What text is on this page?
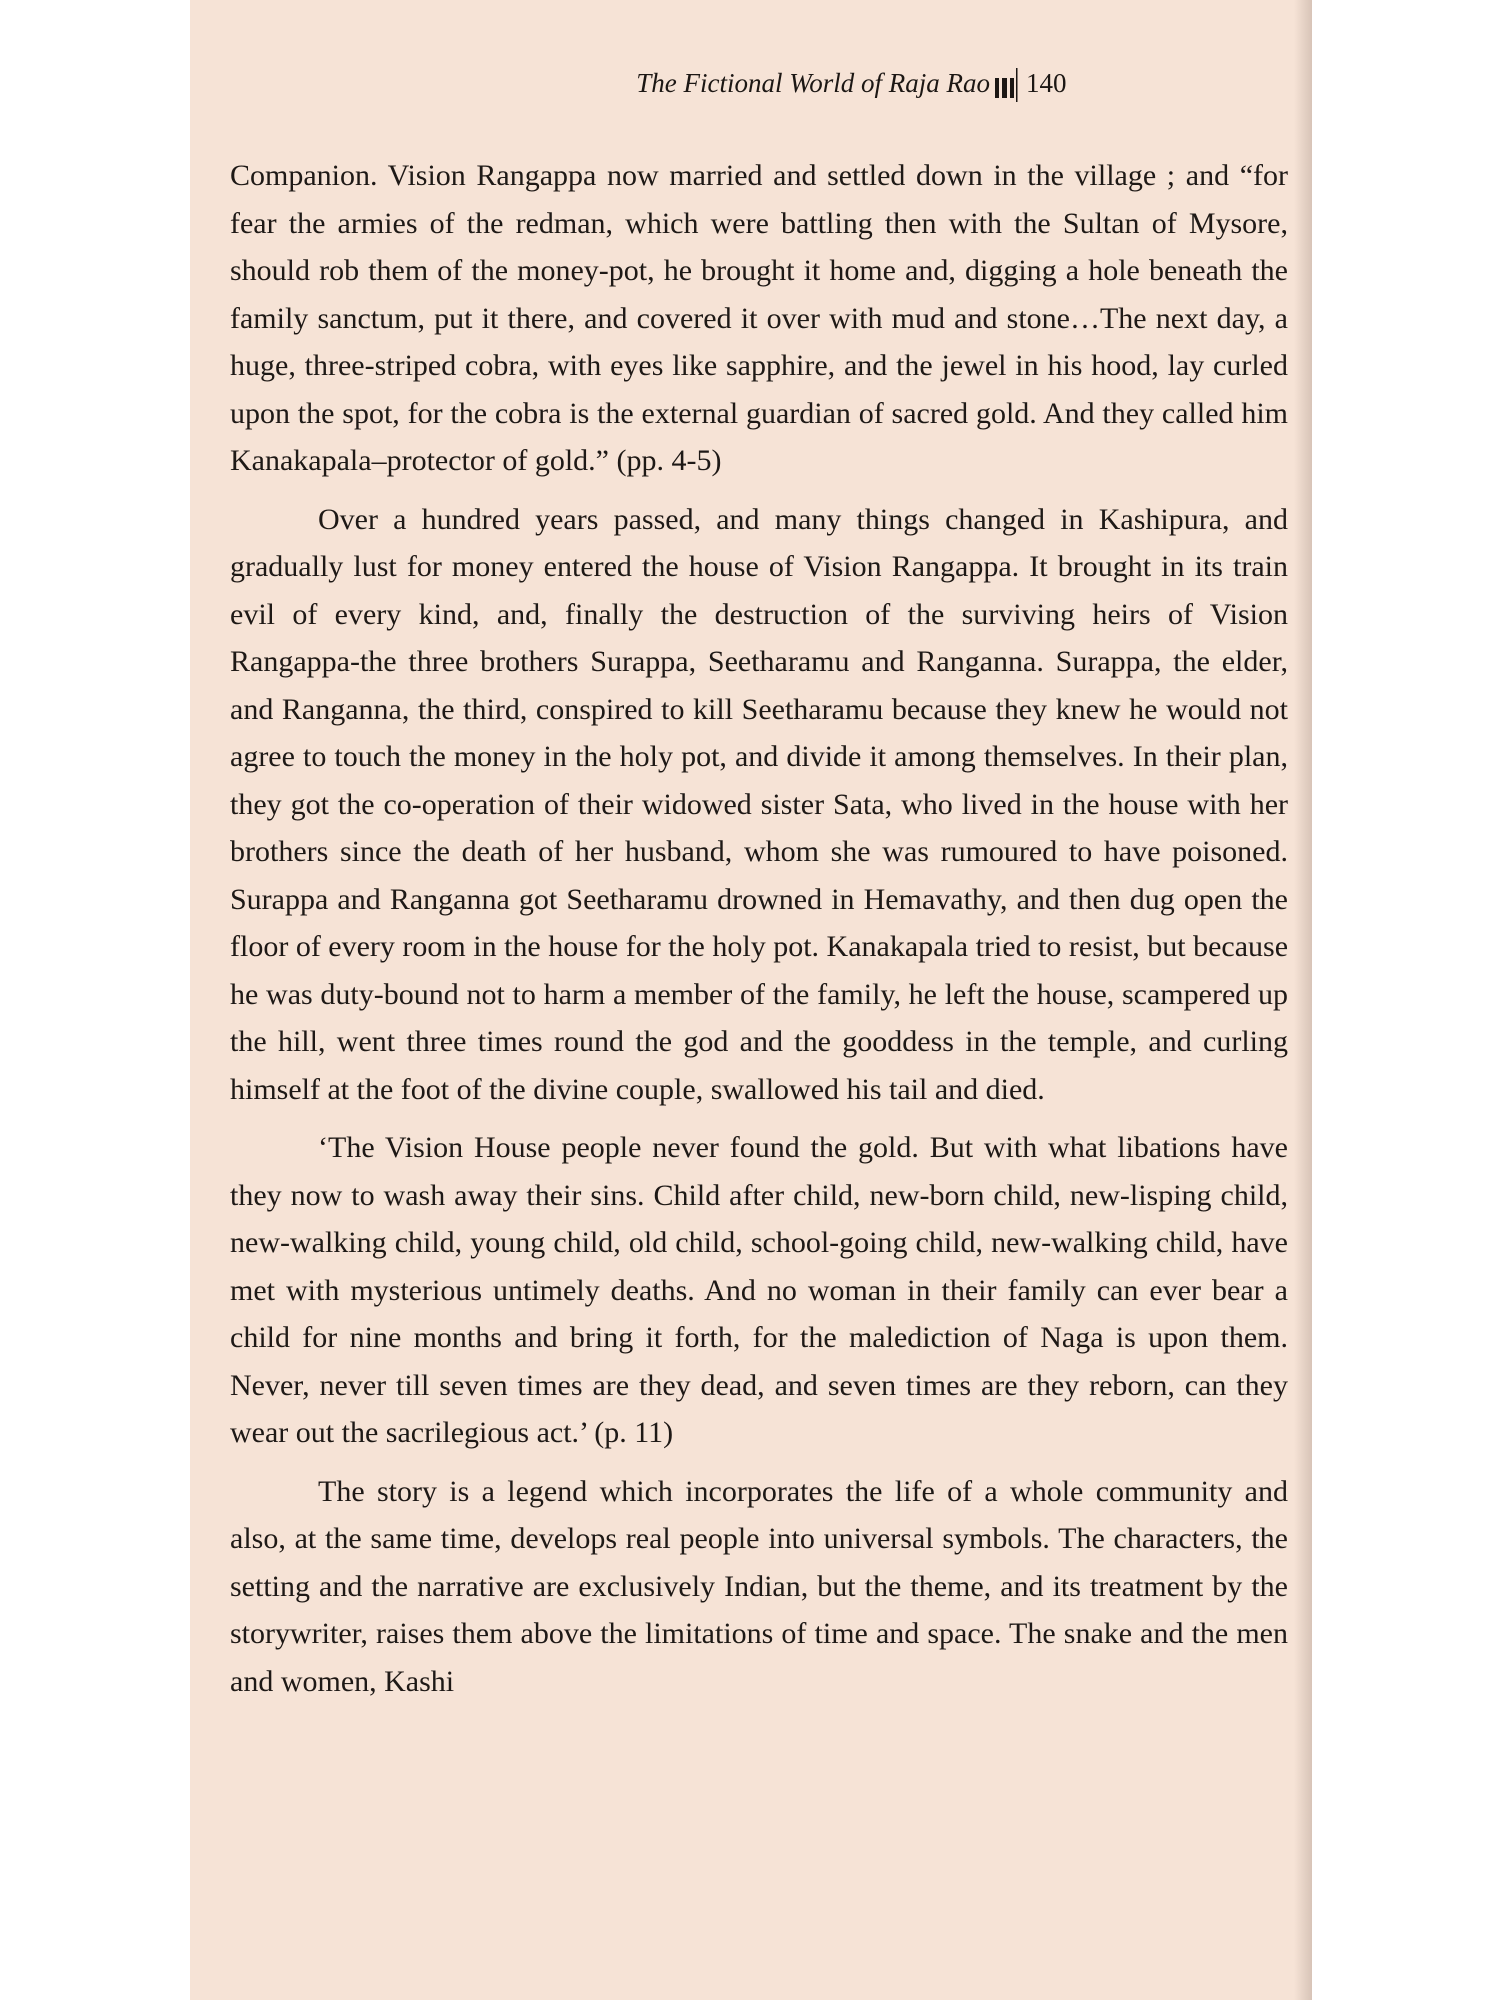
The Fictional World of Raja Rao 140

Companion. Vision Rangappa now married and settled down in the village ; and “for fear the armies of the redman, which were battling then with the Sultan of Mysore, should rob them of the money-pot, he brought it home and, digging a hole beneath the family sanctum, put it there, and covered it over with mud and stone…The next day, a huge, three-striped cobra, with eyes like sapphire, and the jewel in his hood, lay curled upon the spot, for the cobra is the external guardian of sacred gold. And they called him Kanakapala–protector of gold.” (pp. 4-5)

Over a hundred years passed, and many things changed in Kashipura, and gradually lust for money entered the house of Vision Rangappa. It brought in its train evil of every kind, and, finally the destruction of the surviving heirs of Vision Rangappa-the three brothers Surappa, Seetharamu and Ranganna. Surappa, the elder, and Ranganna, the third, conspired to kill Seetharamu because they knew he would not agree to touch the money in the holy pot, and divide it among themselves. In their plan, they got the co-operation of their widowed sister Sata, who lived in the house with her brothers since the death of her husband, whom she was rumoured to have poisoned. Surappa and Ranganna got Seetharamu drowned in Hemavathy, and then dug open the floor of every room in the house for the holy pot. Kanakapala tried to resist, but because he was duty-bound not to harm a member of the family, he left the house, scampered up the hill, went three times round the god and the gooddess in the temple, and curling himself at the foot of the divine couple, swallowed his tail and died.

‘The Vision House people never found the gold. But with what libations have they now to wash away their sins. Child after child, new-born child, new-lisping child, new-walking child, young child, old child, school-going child, new-walking child, have met with mysterious untimely deaths. And no woman in their family can ever bear a child for nine months and bring it forth, for the malediction of Naga is upon them. Never, never till seven times are they dead, and seven times are they reborn, can they wear out the sacrilegious act.’ (p. 11)

The story is a legend which incorporates the life of a whole community and also, at the same time, develops real people into universal symbols. The characters, the setting and the narrative are exclusively Indian, but the theme, and its treatment by the storywriter, raises them above the limitations of time and space. The snake and the men and women, Kashi
